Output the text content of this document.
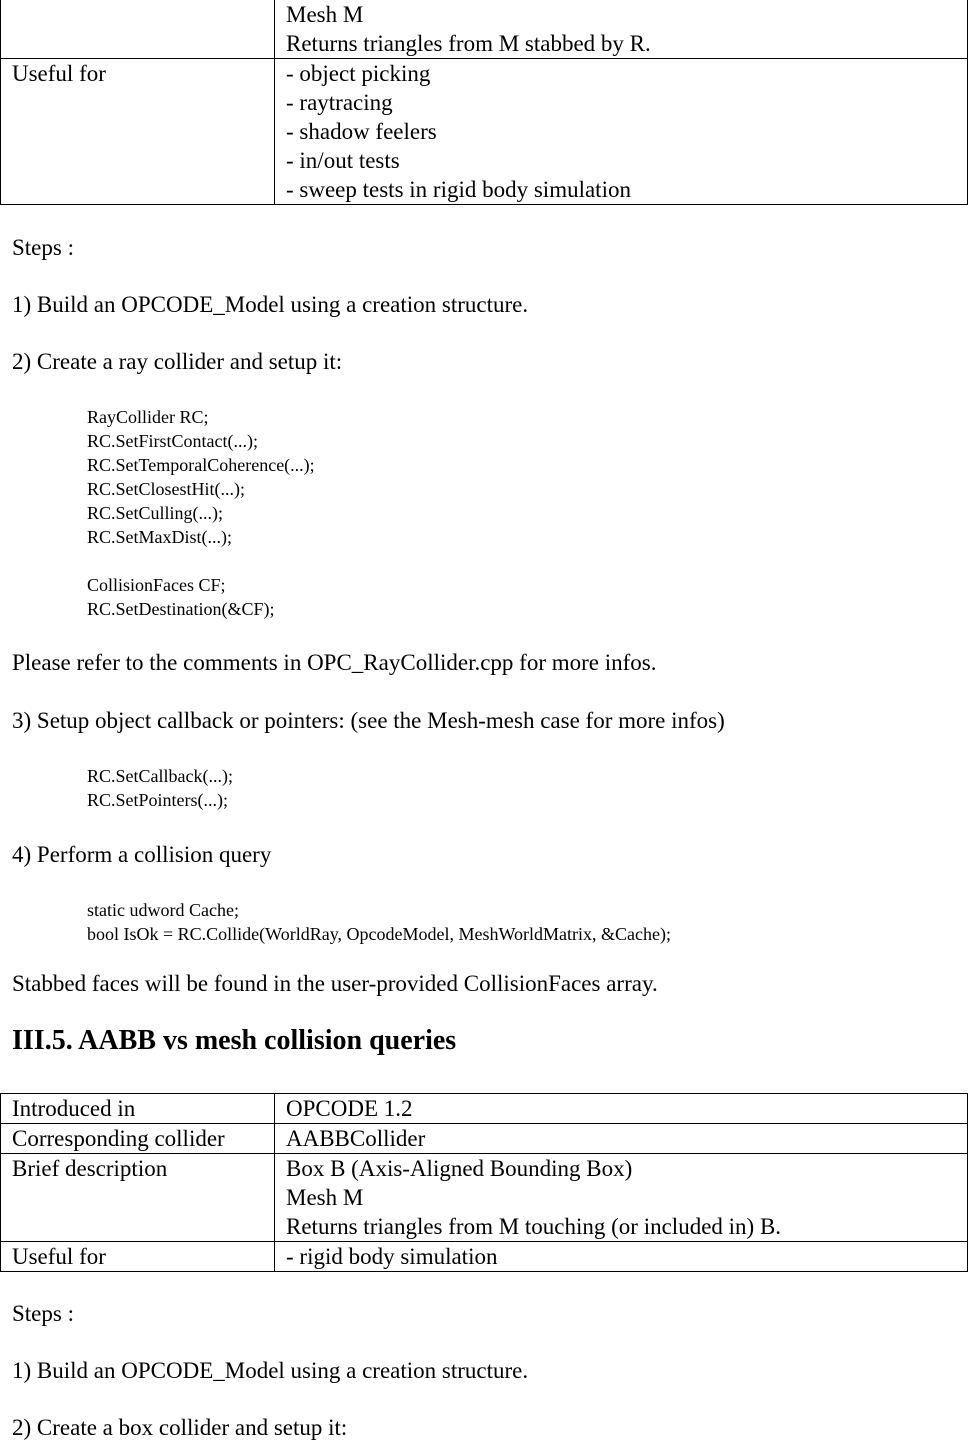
	Mesh M
Returns triangles from M stabbed by R.

Useful for	- object picking
- raytracing
- shadow feelers
- in/out tests
- sweep tests in rigid body simulation
Steps :
1) Build an OPCODE_Model using a creation structure.
2) Create a ray collider and setup it:
RayCollider RC;
RC.SetFirstContact(...);
RC.SetTemporalCoherence(...);
RC.SetClosestHit(...);
RC.SetCulling(...);
RC.SetMaxDist(...);
CollisionFaces CF;
RC.SetDestination(&CF);
Please refer to the comments in OPC_RayCollider.cpp for more infos.
3) Setup object callback or pointers: (see the Mesh-mesh case for more infos)
RC.SetCallback(...);
RC.SetPointers(...);
4) Perform a collision query
static udword Cache;
bool IsOk = RC.Collide(WorldRay, OpcodeModel, MeshWorldMatrix, &Cache);
Stabbed faces will be found in the user-provided CollisionFaces array.
III.5. AABB vs mesh collision queries
Introduced in	OPCODE 1.2
Corresponding collider	AABBCollider
Brief description	Box B (Axis-Aligned Bounding Box)
Mesh M
Returns triangles from M touching (or included in) B.

Useful for	- rigid body simulation
Steps :
1) Build an OPCODE_Model using a creation structure.
2) Create a box collider and setup it:
